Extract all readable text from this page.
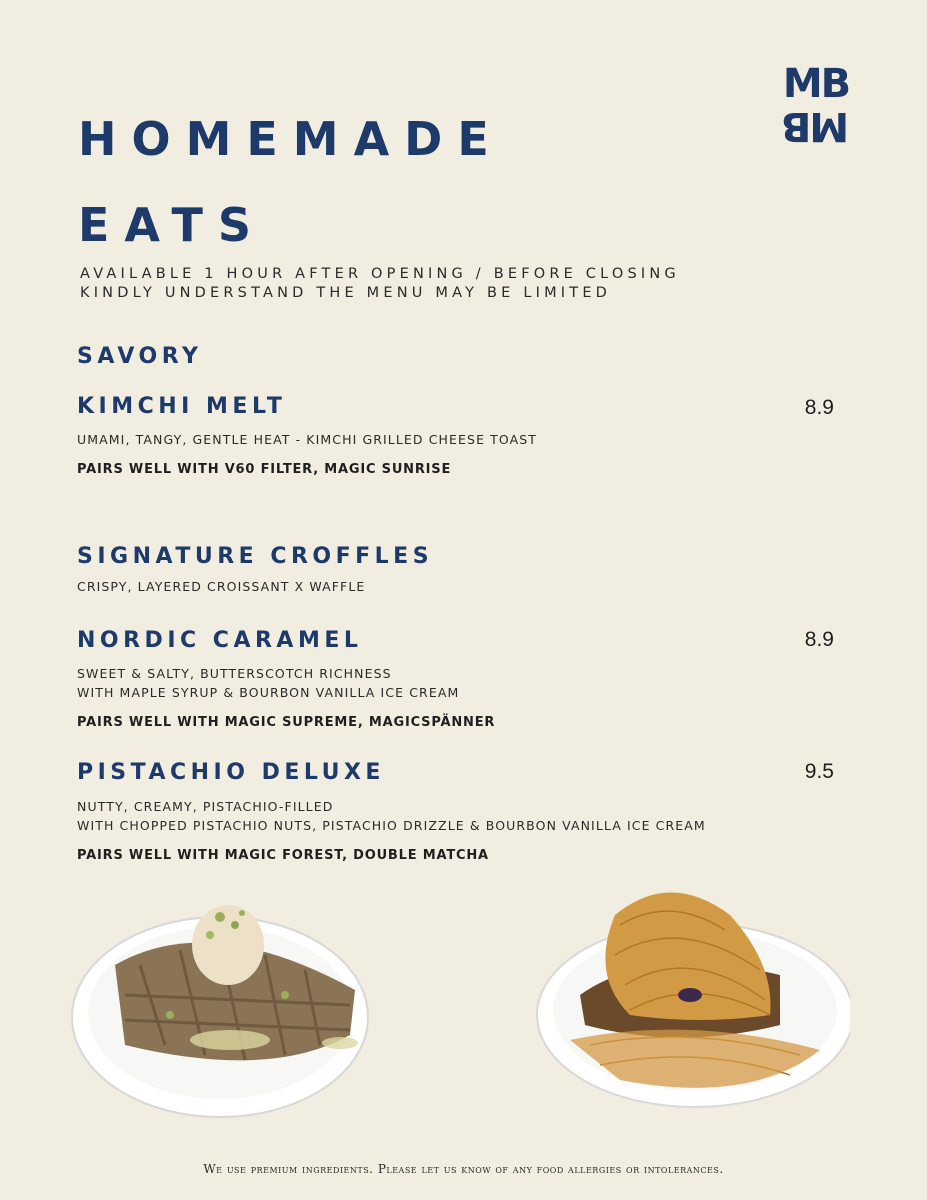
MB
MB
HOMEMADE
EATS
AVAILABLE 1 HOUR AFTER OPENING / BEFORE CLOSING
KINDLY UNDERSTAND THE MENU MAY BE LIMITED
SAVORY
KIMCHI MELT	8.9
UMAMI, TANGY, GENTLE HEAT - KIMCHI GRILLED CHEESE TOAST
PAIRS WELL WITH V60 FILTER, MAGIC SUNRISE
SIGNATURE CROFFLES
CRISPY, LAYERED CROISSANT X WAFFLE
NORDIC CARAMEL	8.9
SWEET & SALTY, BUTTERSCOTCH RICHNESS
WITH MAPLE SYRUP & BOURBON VANILLA ICE CREAM
PAIRS WELL WITH MAGIC SUPREME, MAGICSPÄNNER
PISTACHIO DELUXE	9.5
NUTTY, CREAMY, PISTACHIO-FILLED
WITH CHOPPED PISTACHIO NUTS, PISTACHIO DRIZZLE & BOURBON VANILLA ICE CREAM
PAIRS WELL WITH MAGIC FOREST, DOUBLE MATCHA
We use premium ingredients. Please let us know of any food allergies or intolerances.
